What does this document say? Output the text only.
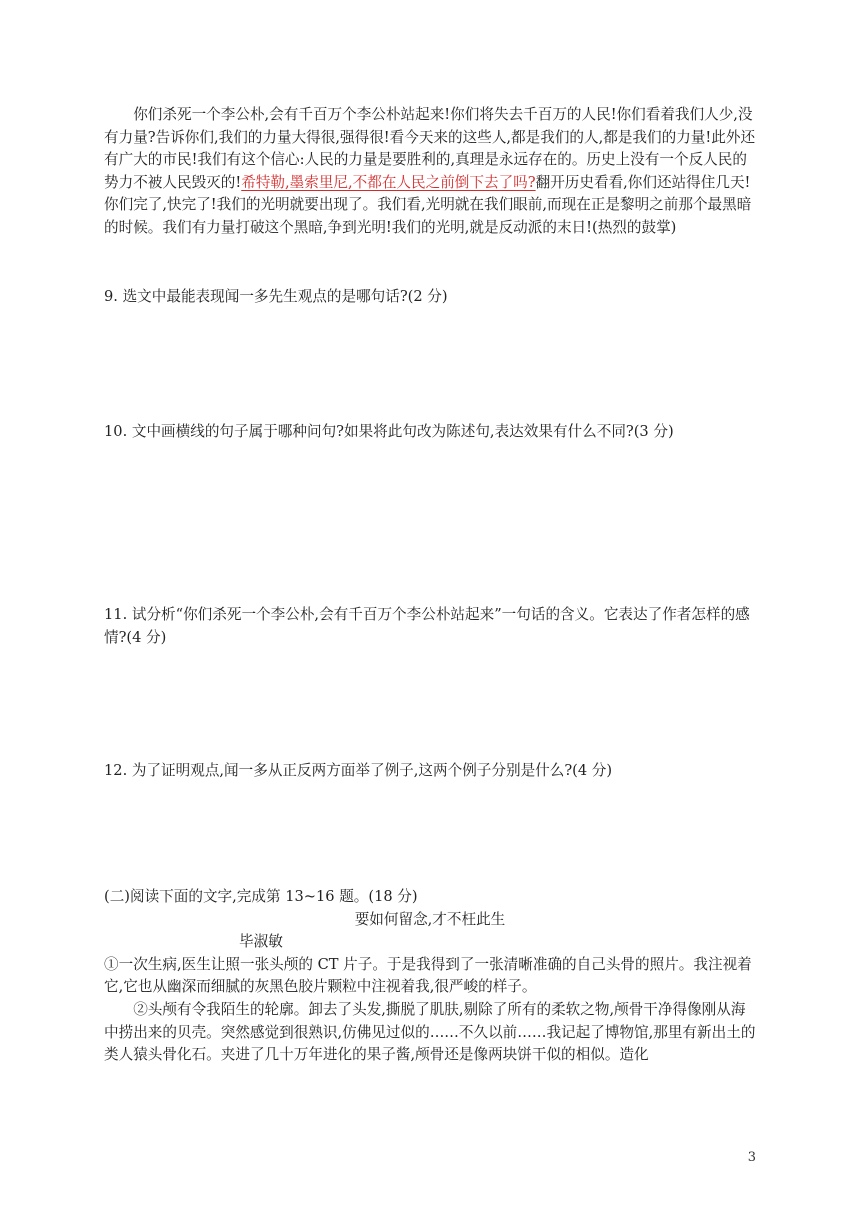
你们杀死一个李公朴,会有千百万个李公朴站起来!你们将失去千百万的人民!你们看着我们人少,没有力量?告诉你们,我们的力量大得很,强得很!看今天来的这些人,都是我们的人,都是我们的力量!此外还有广大的市民!我们有这个信心:人民的力量是要胜利的,真理是永远存在的。历史上没有一个反人民的势力不被人民毁灭的!希特勒,墨索里尼,不都在人民之前倒下去了吗?翻开历史看看,你们还站得住几天!你们完了,快完了!我们的光明就要出现了。我们看,光明就在我们眼前,而现在正是黎明之前那个最黑暗的时候。我们有力量打破这个黑暗,争到光明!我们的光明,就是反动派的末日!(热烈的鼓掌)

9. 选文中最能表现闻一多先生观点的是哪句话?(2 分)
10. 文中画横线的句子属于哪种问句?如果将此句改为陈述句,表达效果有什么不同?(3 分)
11. 试分析“你们杀死一个李公朴,会有千百万个李公朴站起来”一句话的含义。它表达了作者怎样的感情?(4 分)
12. 为了证明观点,闻一多从正反两方面举了例子,这两个例子分别是什么?(4 分)

(二)阅读下面的文字,完成第 13~16 题。(18 分)

要如何留念,才不枉此生

毕淑敏

①一次生病,医生让照一张头颅的 CT 片子。于是我得到了一张清晰准确的自己头骨的照片。我注视着它,它也从幽深而细腻的灰黑色胶片颗粒中注视着我,很严峻的样子。

②头颅有令我陌生的轮廓。卸去了头发,撕脱了肌肤,剔除了所有的柔软之物,颅骨干净得像刚从海中捞出来的贝壳。突然感觉到很熟识,仿佛见过似的……不久以前……我记起了博物馆,那里有新出土的类人猿头骨化石。夹进了几十万年进化的果子酱,颅骨还是像两块饼干似的相似。造化

3
